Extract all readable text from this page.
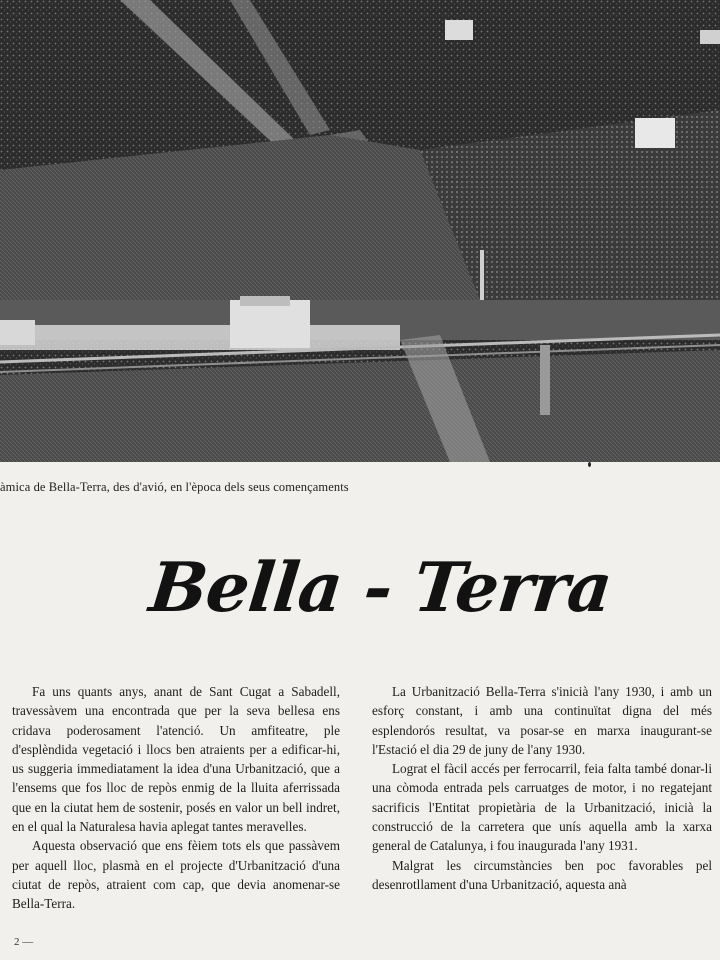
àmica de Bella-Terra, des d'avió, en l'època dels seus començaments
Bella - Terra

Fa uns quants anys, anant de Sant Cugat a Sabadell, travessàvem una encontrada que per la seva bellesa ens cridava poderosament l'atenció. Un amfiteatre, ple d'esplèndida vegetació i llocs ben atraients per a edificar-hi, us suggeria immediatament la idea d'una Urbanització, que a l'ensems que fos lloc de repòs enmig de la lluita aferrissada que en la ciutat hem de sostenir, posés en valor un bell indret, en el qual la Naturalesa havia aplegat tantes meravelles.

Aquesta observació que ens fèiem tots els que passàvem per aquell lloc, plasmà en el projecte d'Urbanització d'una ciutat de repòs, atraient com cap, que devia anomenar-se Bella-Terra.

La Urbanització Bella-Terra s'inicià l'any 1930, i amb un esforç constant, i amb una continuïtat digna del més esplendorós resultat, va posar-se en marxa inaugurant-se l'Estació el dia 29 de juny de l'any 1930.

Lograt el fàcil accés per ferrocarril, feia falta també donar-li una còmoda entrada pels carruatges de motor, i no regatejant sacrificis l'Entitat propietària de la Urbanització, inicià la construcció de la carretera que unís aquella amb la xarxa general de Catalunya, i fou inaugurada l'any 1931.

Malgrat les circumstàncies ben poc favorables pel desenrotllament d'una Urbanització, aquesta anà

2 —
